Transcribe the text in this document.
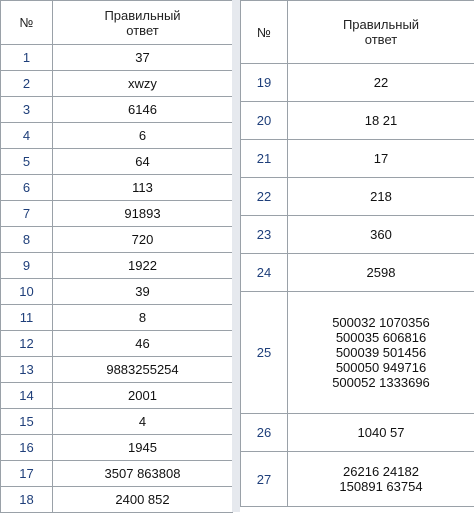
№	Правильный
ответ
1	37
2	xwzy
3	6146
4	6
5	64
6	113
7	91893
8	720
9	1922
10	39
11	8
12	46
13	9883255254
14	2001
15	4
16	1945
17	3507 863808
18	2400 852
№	Правильный
ответ
19	22
20	18 21
21	17
22	218
23	360
24	2598
25	500032 1070356
500035 606816
500039 501456
500050 949716
500052 1333696
26	1040 57
27	26216 24182
150891 63754
